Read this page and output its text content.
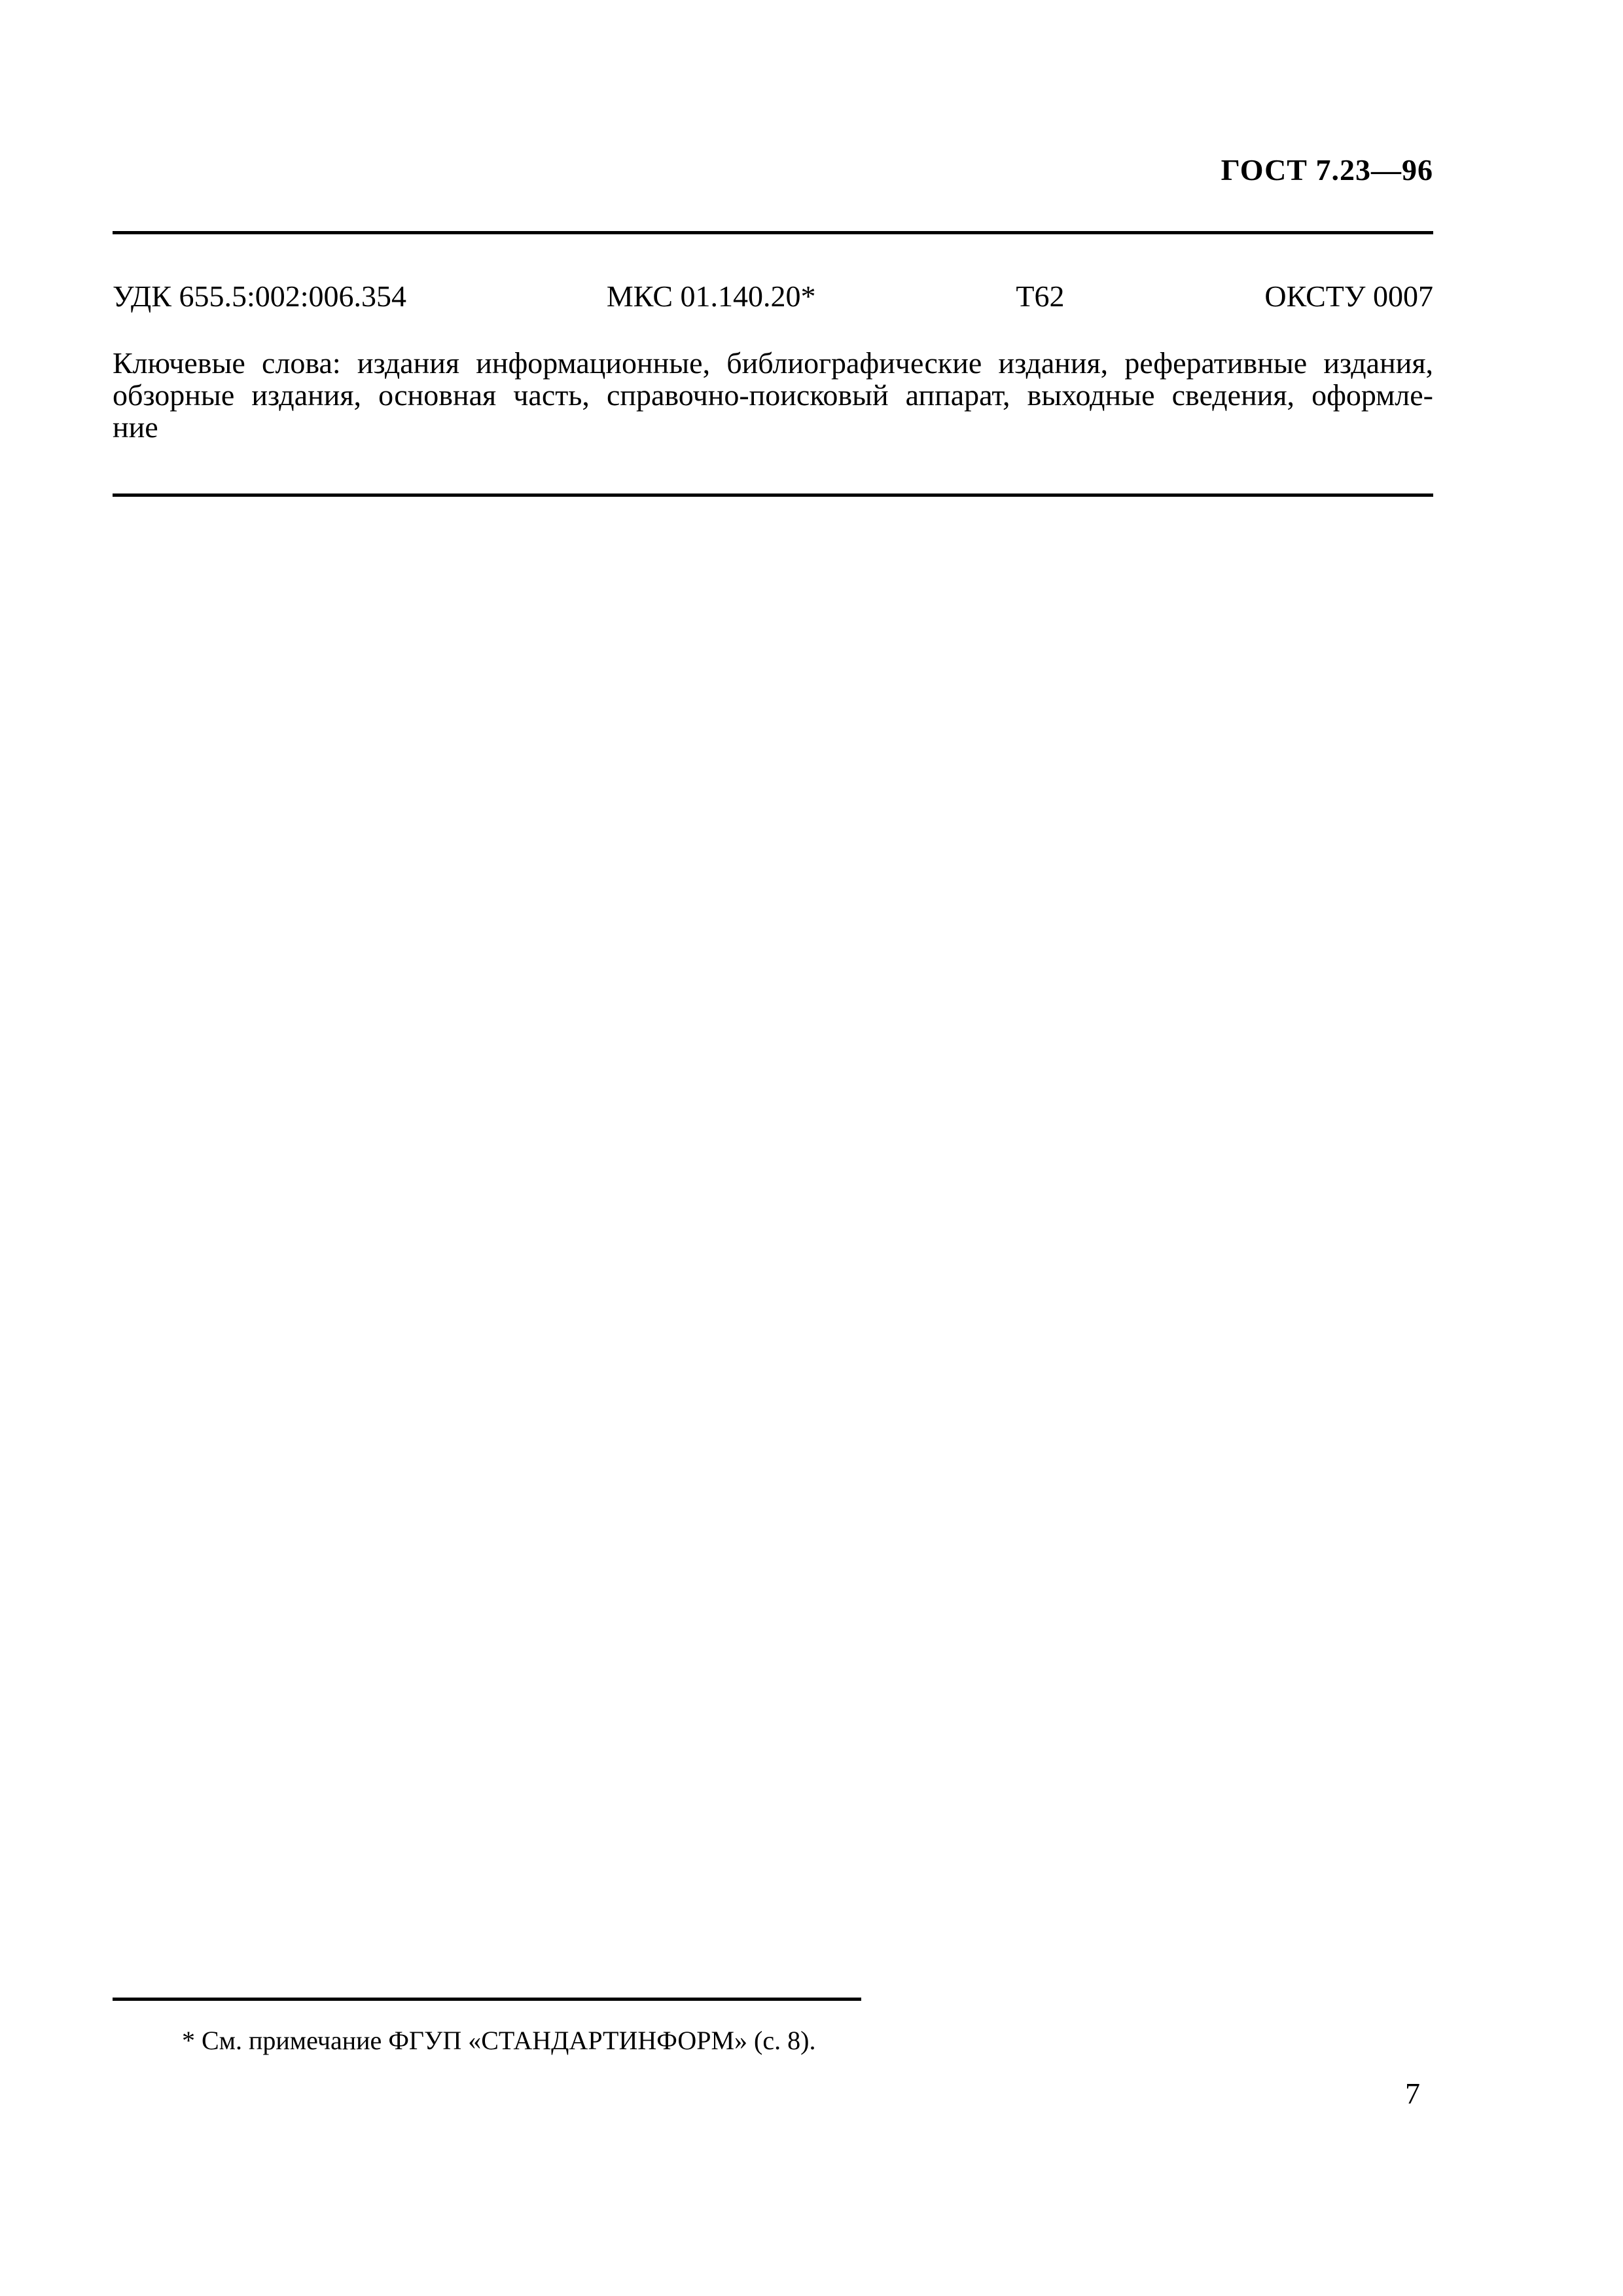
ГОСТ 7.23—96
УДК 655.5:002:006.354	МКС 01.140.20*	Т62	ОКСТУ 0007
Ключевые слова: издания информационные, библиографические издания, реферативные издания,
обзорные издания, основная часть, справочно-поисковый аппарат, выходные сведения, оформле-
ние
* См. примечание ФГУП «СТАНДАРТИНФОРМ» (с. 8).
7
